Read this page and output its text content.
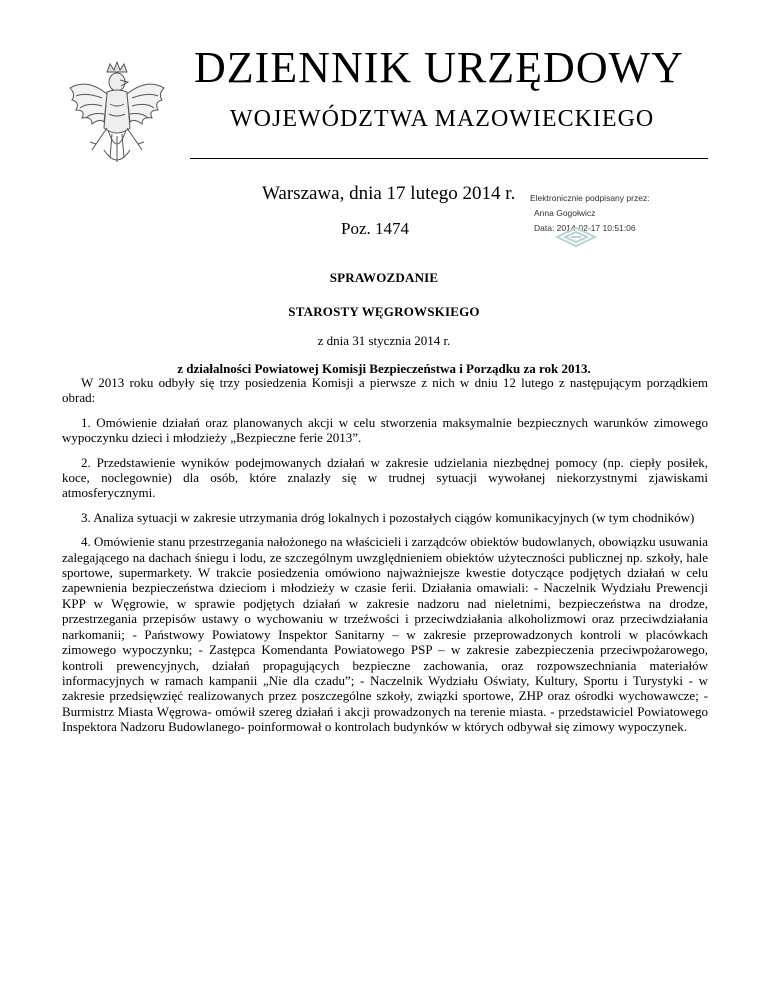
DZIENNIK URZĘDOWY
WOJEWÓDZTWA MAZOWIECKIEGO
Warszawa, dnia 17 lutego 2014 r.
Poz. 1474
Elektronicznie podpisany przez:
Anna Gogołwicz
Data: 2014-02-17 10:51:06
SPRAWOZDANIE
STAROSTY WĘGROWSKIEGO
z dnia 31 stycznia 2014 r.
z działalności Powiatowej Komisji Bezpieczeństwa i Porządku za rok 2013.

W 2013 roku odbyły się trzy posiedzenia Komisji a pierwsze z nich w dniu 12 lutego z następującym porządkiem obrad:

1. Omówienie działań oraz planowanych akcji w celu stworzenia maksymalnie bezpiecznych warunków zimowego wypoczynku dzieci i młodzieży „Bezpieczne ferie 2013”.

2. Przedstawienie wyników podejmowanych działań w zakresie udzielania niezbędnej pomocy (np. ciepły posiłek, koce, noclegownie) dla osób, które znalazły się w trudnej sytuacji wywołanej niekorzystnymi zjawiskami atmosferycznymi.

3. Analiza sytuacji w zakresie utrzymania dróg lokalnych i pozostałych ciągów komunikacyjnych (w tym chodników)

4. Omówienie stanu przestrzegania nałożonego na właścicieli i zarządców obiektów budowlanych, obowiązku usuwania zalegającego na dachach śniegu i lodu, ze szczególnym uwzględnieniem obiektów użyteczności publicznej np. szkoły, hale sportowe, supermarkety. W trakcie posiedzenia omówiono najważniejsze kwestie dotyczące podjętych działań w celu zapewnienia bezpieczeństwa dzieciom i młodzieży w czasie ferii. Działania omawiali: - Naczelnik Wydziału Prewencji KPP w Węgrowie, w sprawie podjętych działań w zakresie nadzoru nad nieletnimi, bezpieczeństwa na drodze, przestrzegania przepisów ustawy o wychowaniu w trzeźwości i przeciwdziałania alkoholizmowi oraz przeciwdziałania narkomanii; - Państwowy Powiatowy Inspektor Sanitarny – w zakresie przeprowadzonych kontroli w placówkach zimowego wypoczynku; - Zastępca Komendanta Powiatowego PSP – w zakresie zabezpieczenia przeciwpożarowego, kontroli prewencyjnych, działań propagujących bezpieczne zachowania, oraz rozpowszechniania materiałów informacyjnych w ramach kampanii „Nie dla czadu”; - Naczelnik Wydziału Oświaty, Kultury, Sportu i Turystyki - w zakresie przedsięwzięć realizowanych przez poszczególne szkoły, związki sportowe, ZHP oraz ośrodki wychowawcze; - Burmistrz Miasta Węgrowa- omówił szereg działań i akcji prowadzonych na terenie miasta. - przedstawiciel Powiatowego Inspektora Nadzoru Budowlanego- poinformował o kontrolach budynków w których odbywał się zimowy wypoczynek.
